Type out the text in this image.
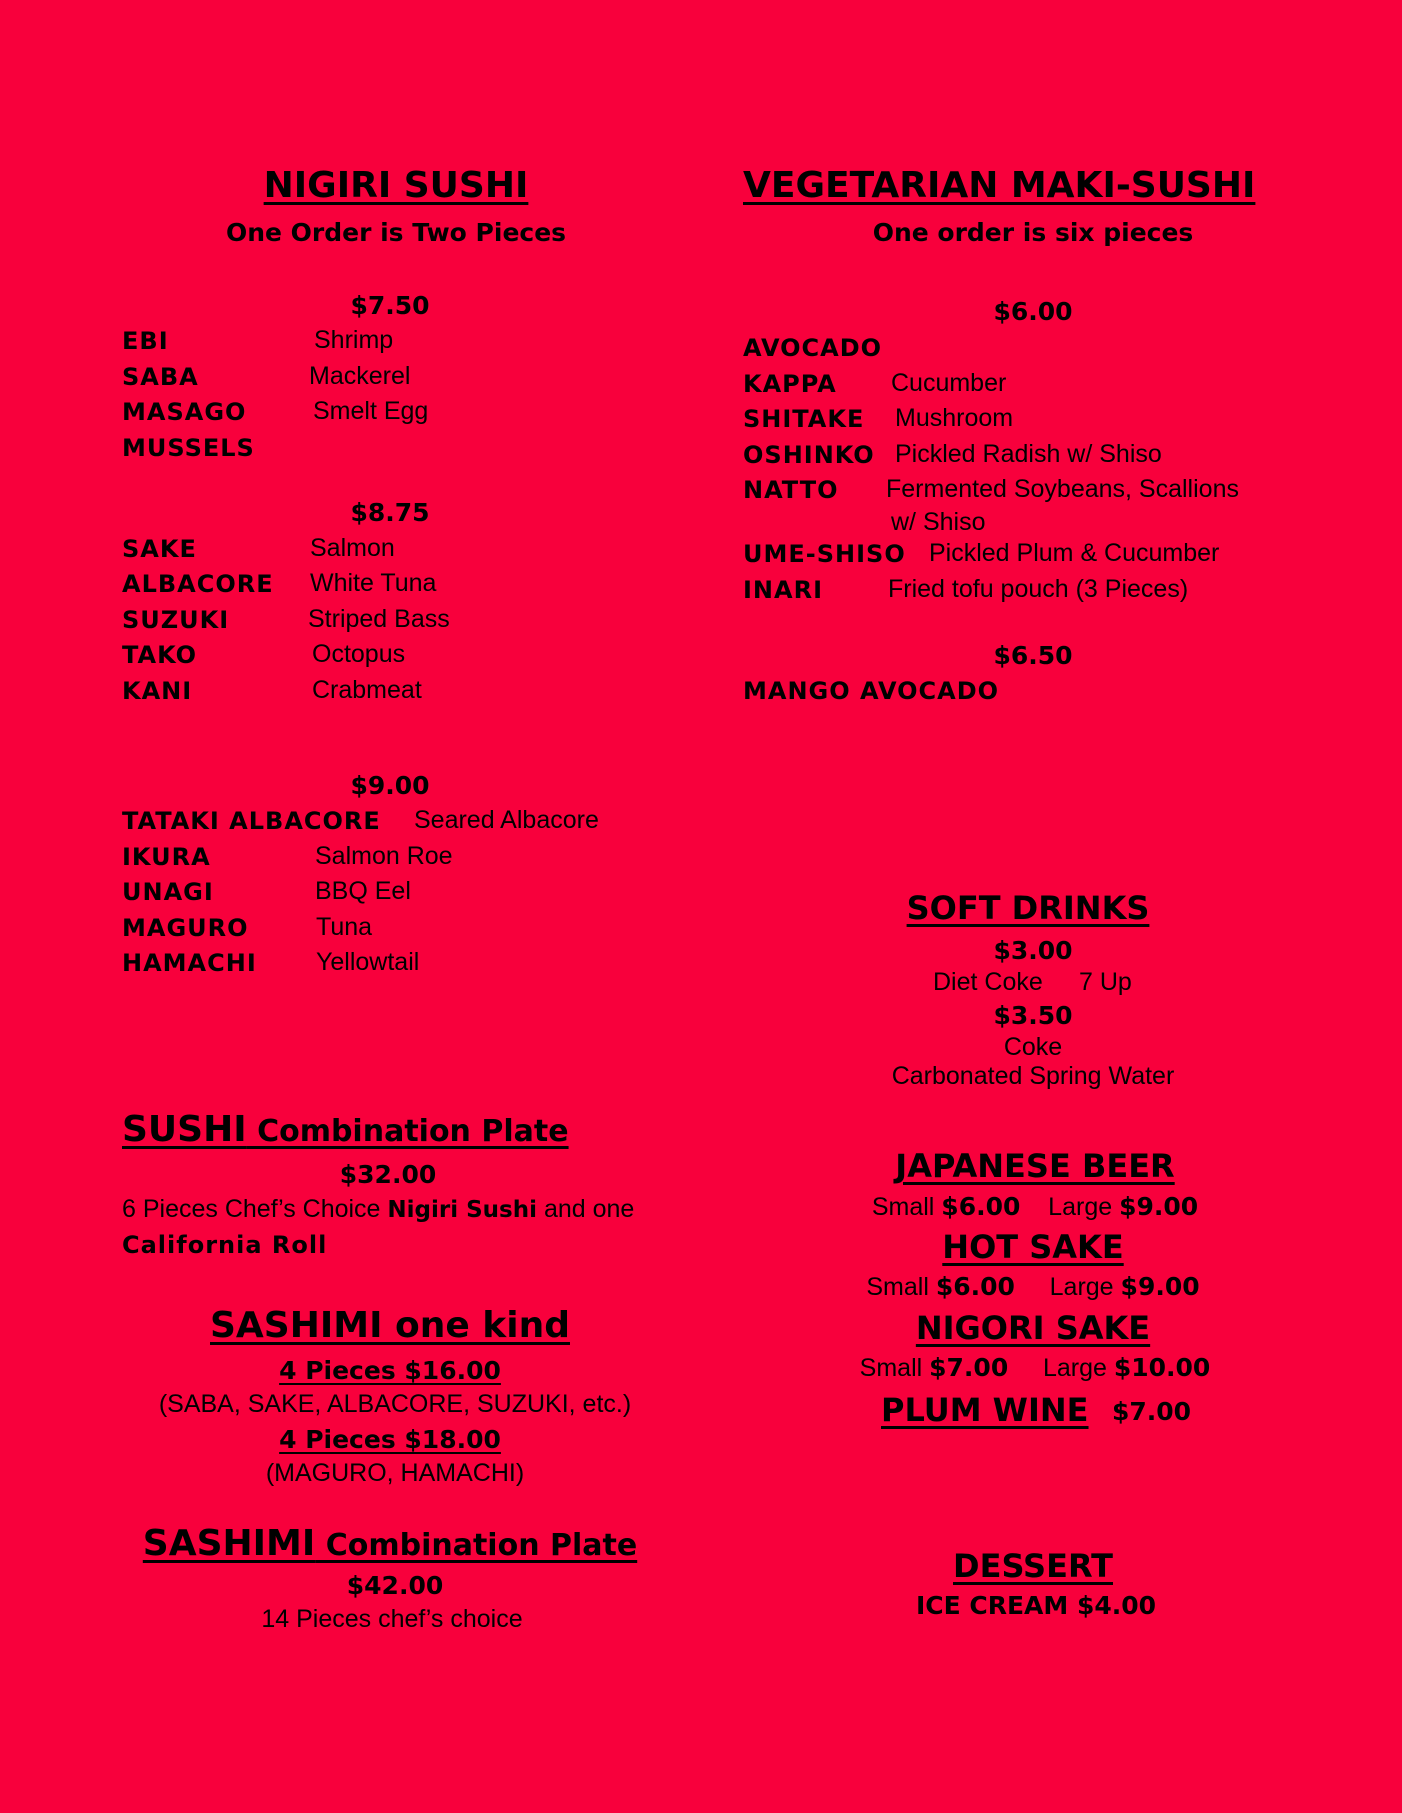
NIGIRI SUSHI
One Order is Two Pieces
$7.50
EBI	Shrimp
SABA	Mackerel
MASAGO	Smelt Egg
MUSSELS
$8.75
SAKE	Salmon
ALBACORE White Tuna
SUZUKI	Striped Bass
TAKO	Octopus
KANI	Crabmeat
$9.00
TATAKI ALBACORE Seared Albacore
IKURA	Salmon Roe
UNAGI	BBQ Eel
MAGURO	Tuna
HAMACHI Yellowtail
SUSHI Combination Plate
$32.00
6 Pieces Chef’s Choice Nigiri Sushi and one
California Roll
SASHIMI one kind
4 Pieces $16.00
(SABA, SAKE, ALBACORE, SUZUKI, etc.)
4 Pieces $18.00
(MAGURO, HAMACHI)
SASHIMI Combination Plate
$42.00
14 Pieces chef’s choice
VEGETARIAN MAKI-SUSHI
One order is six pieces
$6.00
AVOCADO
KAPPA Cucumber
SHITAKE Mushroom
OSHINKO Pickled Radish w/ Shiso
NATTO Fermented Soybeans, Scallions
w/ Shiso
UME-SHISO Pickled Plum & Cucumber
INARI	Fried tofu pouch (3 Pieces)
$6.50
MANGO AVOCADO
SOFT DRINKS
$3.00
Diet Coke 7 Up
$3.50
Coke
Carbonated Spring Water
JAPANESE BEER
Small $6.00 Large $9.00
HOT SAKE
Small $6.00 Large $9.00
NIGORI SAKE
Small $7.00 Large $10.00
PLUM WINE $7.00
DESSERT
ICE CREAM $4.00
